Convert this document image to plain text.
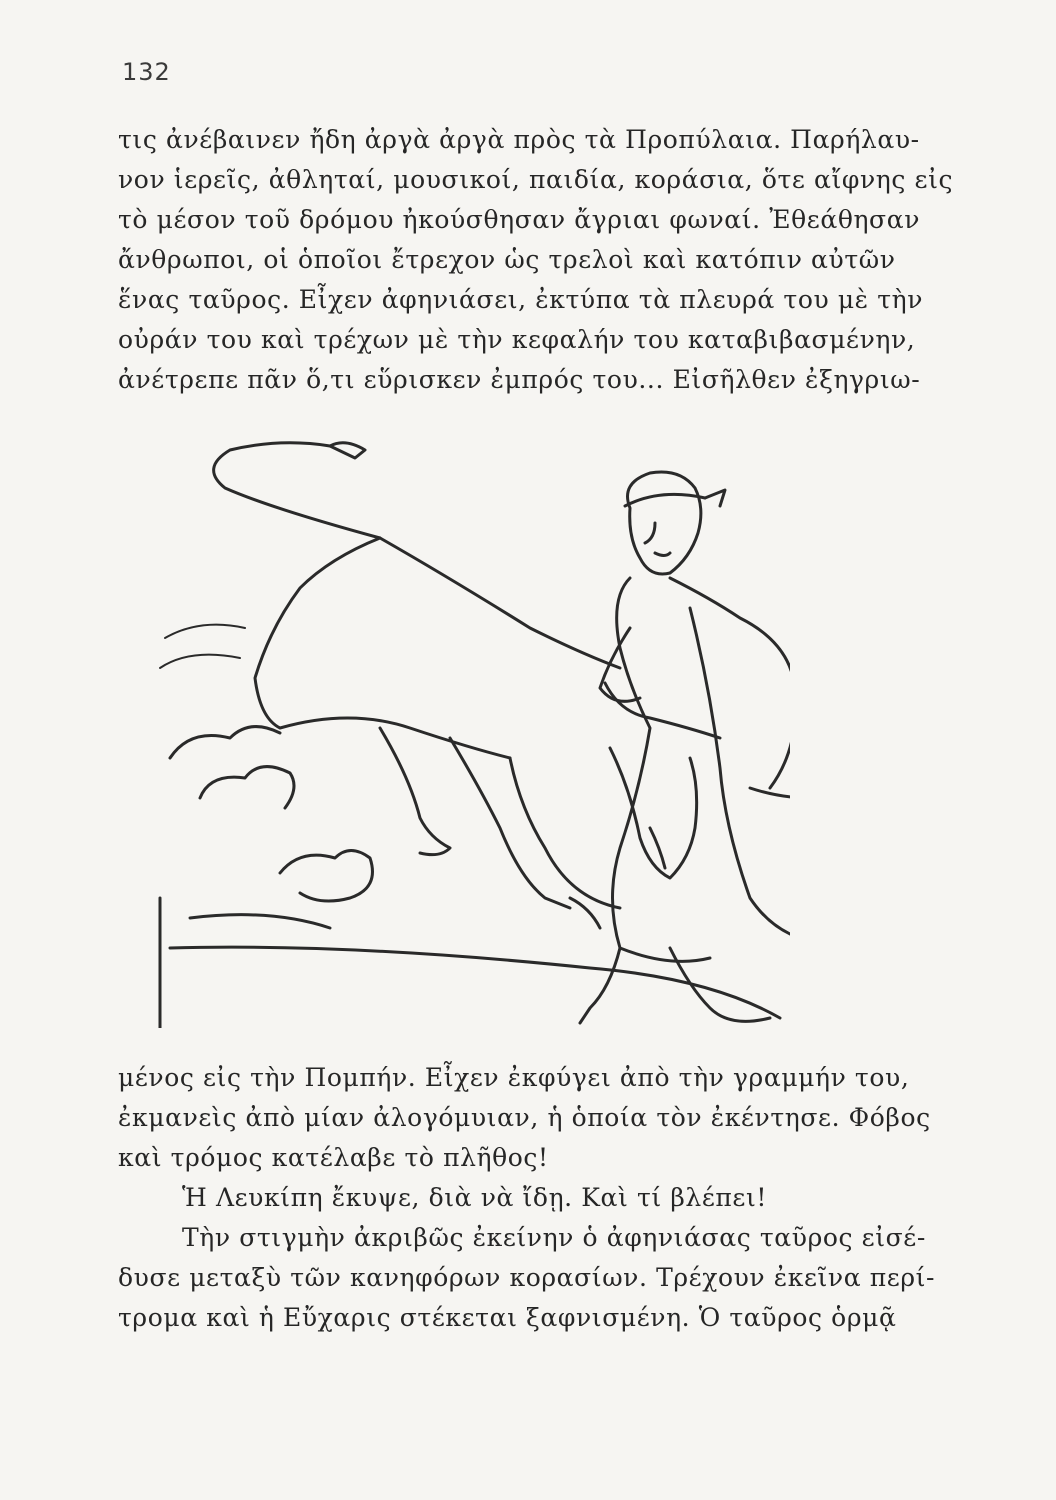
132
τις ἀνέβαινεν ἤδη ἀργὰ ἀργὰ πρὸς τὰ Προπύλαια. Παρήλαυ-
νον ἱερεῖς, ἀθληταί, μουσικοί, παιδία, κοράσια, ὅτε αἴφνης εἰς
τὸ μέσον τοῦ δρόμου ἠκούσθησαν ἄγριαι φωναί. Ἐθεάθησαν
ἄνθρωποι, οἱ ὁποῖοι ἔτρεχον ὡς τρελοὶ καὶ κατόπιν αὐτῶν
ἕνας ταῦρος. Εἶχεν ἀφηνιάσει, ἐκτύπα τὰ πλευρά του μὲ τὴν
οὐράν του καὶ τρέχων μὲ τὴν κεφαλήν του καταβιβασμένην,
ἀνέτρεπε πᾶν ὅ,τι εὕρισκεν ἐμπρός του... Εἰσῆλθεν ἐξηγριω-
μένος εἰς τὴν Πομπήν. Εἶχεν ἐκφύγει ἀπὸ τὴν γραμμήν του,
ἐκμανεὶς ἀπὸ μίαν ἀλογόμυιαν, ἡ ὁποία τὸν ἐκέντησε. Φόβος
καὶ τρόμος κατέλαβε τὸ πλῆθος!
Ἡ Λευκίπη ἔκυψε, διὰ νὰ ἴδῃ. Καὶ τί βλέπει!
Τὴν στιγμὴν ἀκριβῶς ἐκείνην ὁ ἀφηνιάσας ταῦρος εἰσέ-
δυσε μεταξὺ τῶν κανηφόρων κορασίων. Τρέχουν ἐκεῖνα περί-
τρομα καὶ ἡ Εὔχαρις στέκεται ξαφνισμένη. Ὁ ταῦρος ὁρμᾷ
